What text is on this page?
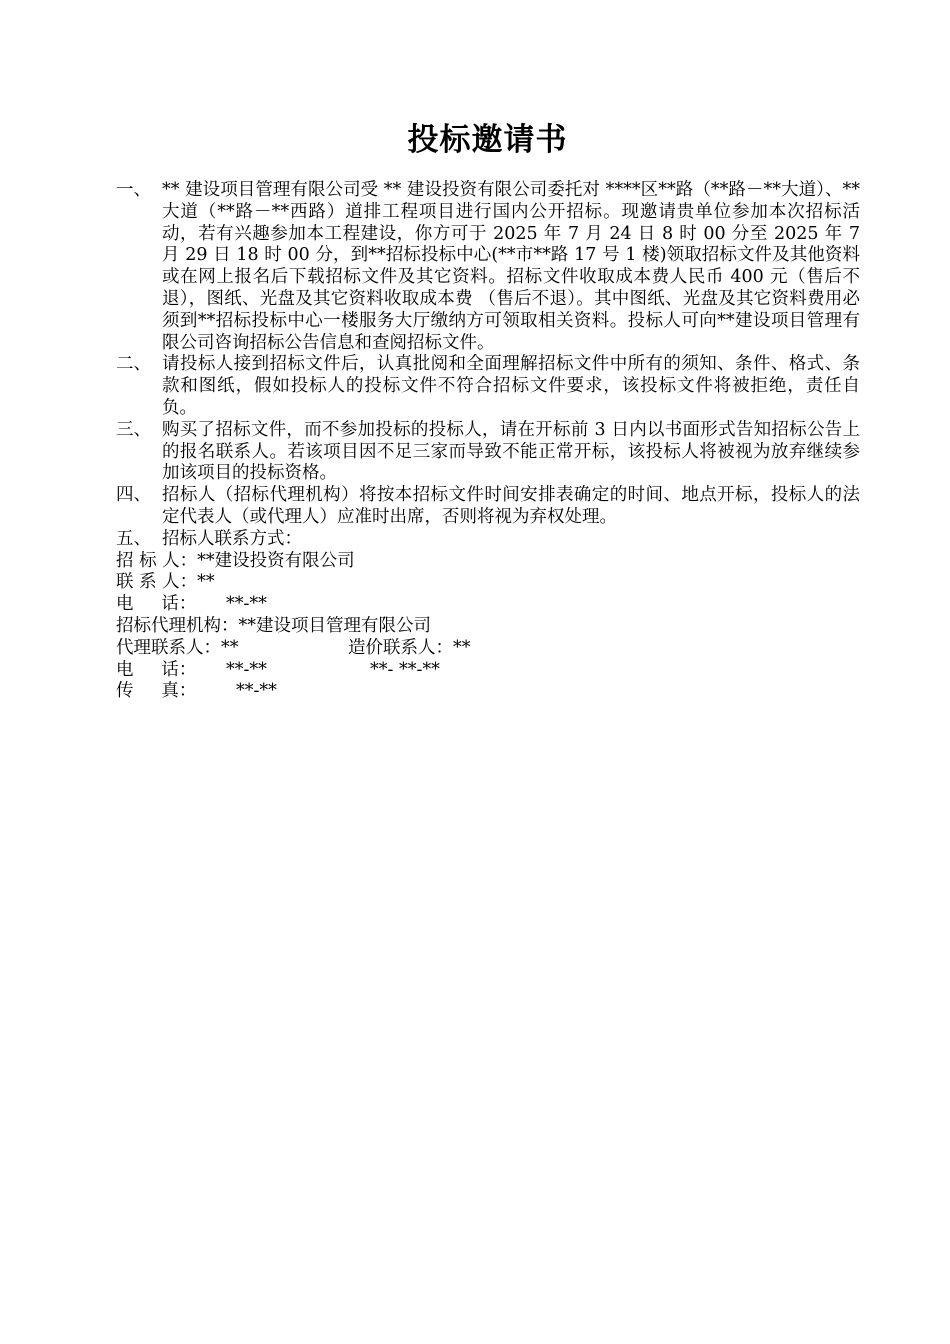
投标邀请书
一、 ** 建设项目管理有限公司受 ** 建设投资有限公司委托对 ****区**路（**路－**大道）、**大道（**路－**西路）道排工程项目进行国内公开招标。现邀请贵单位参加本次招标活动，若有兴趣参加本工程建设，你方可于 2025 年 7 月 24 日 8 时 00 分至 2025 年 7 月 29 日 18 时 00 分，到**招标投标中心(**市**路 17 号 1 楼)领取招标文件及其他资料或在网上报名后下载招标文件及其它资料。招标文件收取成本费人民币 400 元（售后不退），图纸、光盘及其它资料收取成本费 （售后不退）。其中图纸、光盘及其它资料费用必须到**招标投标中心一楼服务大厅缴纳方可领取相关资料。投标人可向**建设项目管理有限公司咨询招标公告信息和查阅招标文件。
二、 请投标人接到招标文件后，认真批阅和全面理解招标文件中所有的须知、条件、格式、条款和图纸，假如投标人的投标文件不符合招标文件要求，该投标文件将被拒绝，责任自负。
三、 购买了招标文件，而不参加投标的投标人，请在开标前 3 日内以书面形式告知招标公告上的报名联系人。若该项目因不足三家而导致不能正常开标，该投标人将被视为放弃继续参加该项目的投标资格。
四、 招标人（招标代理机构）将按本招标文件时间安排表确定的时间、地点开标，投标人的法定代表人（或代理人）应准时出席，否则将视为弃权处理。
五、 招标人联系方式：
招 标 人： **建设投资有限公司
联 系 人： **
电     话：	**-**
招标代理机构： **建设项目管理有限公司
代理联系人：**	造价联系人：**
电     话： **-**	**- **-**
传     真：	**-**
